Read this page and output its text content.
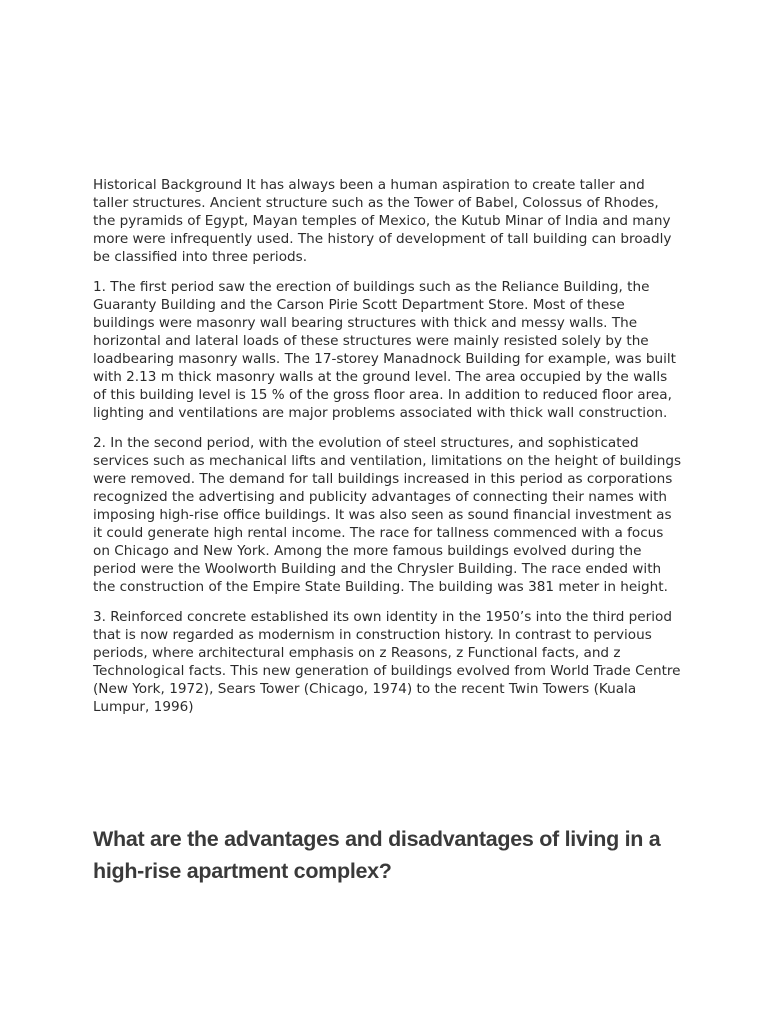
Historical Background It has always been a human aspiration to create taller and taller structures. Ancient structure such as the Tower of Babel, Colossus of Rhodes, the pyramids of Egypt, Mayan temples of Mexico, the Kutub Minar of India and many more were infrequently used. The history of development of tall building can broadly be classified into three periods.

1. The first period saw the erection of buildings such as the Reliance Building, the Guaranty Building and the Carson Pirie Scott Department Store. Most of these buildings were masonry wall bearing structures with thick and messy walls. The horizontal and lateral loads of these structures were mainly resisted solely by the loadbearing masonry walls. The 17-storey Manadnock Building for example, was built with 2.13 m thick masonry walls at the ground level. The area occupied by the walls of this building level is 15 % of the gross floor area. In addition to reduced floor area, lighting and ventilations are major problems associated with thick wall construction.

2. In the second period, with the evolution of steel structures, and sophisticated services such as mechanical lifts and ventilation, limitations on the height of buildings were removed. The demand for tall buildings increased in this period as corporations recognized the advertising and publicity advantages of connecting their names with imposing high-rise office buildings. It was also seen as sound financial investment as it could generate high rental income. The race for tallness commenced with a focus on Chicago and New York. Among the more famous buildings evolved during the period were the Woolworth Building and the Chrysler Building. The race ended with the construction of the Empire State Building. The building was 381 meter in height.

3. Reinforced concrete established its own identity in the 1950’s into the third period that is now regarded as modernism in construction history. In contrast to pervious periods, where architectural emphasis on z Reasons, z Functional facts, and z Technological facts. This new generation of buildings evolved from World Trade Centre (New York, 1972), Sears Tower (Chicago, 1974) to the recent Twin Towers (Kuala Lumpur, 1996)

What are the advantages and disadvantages of living in a high-rise apartment complex?
